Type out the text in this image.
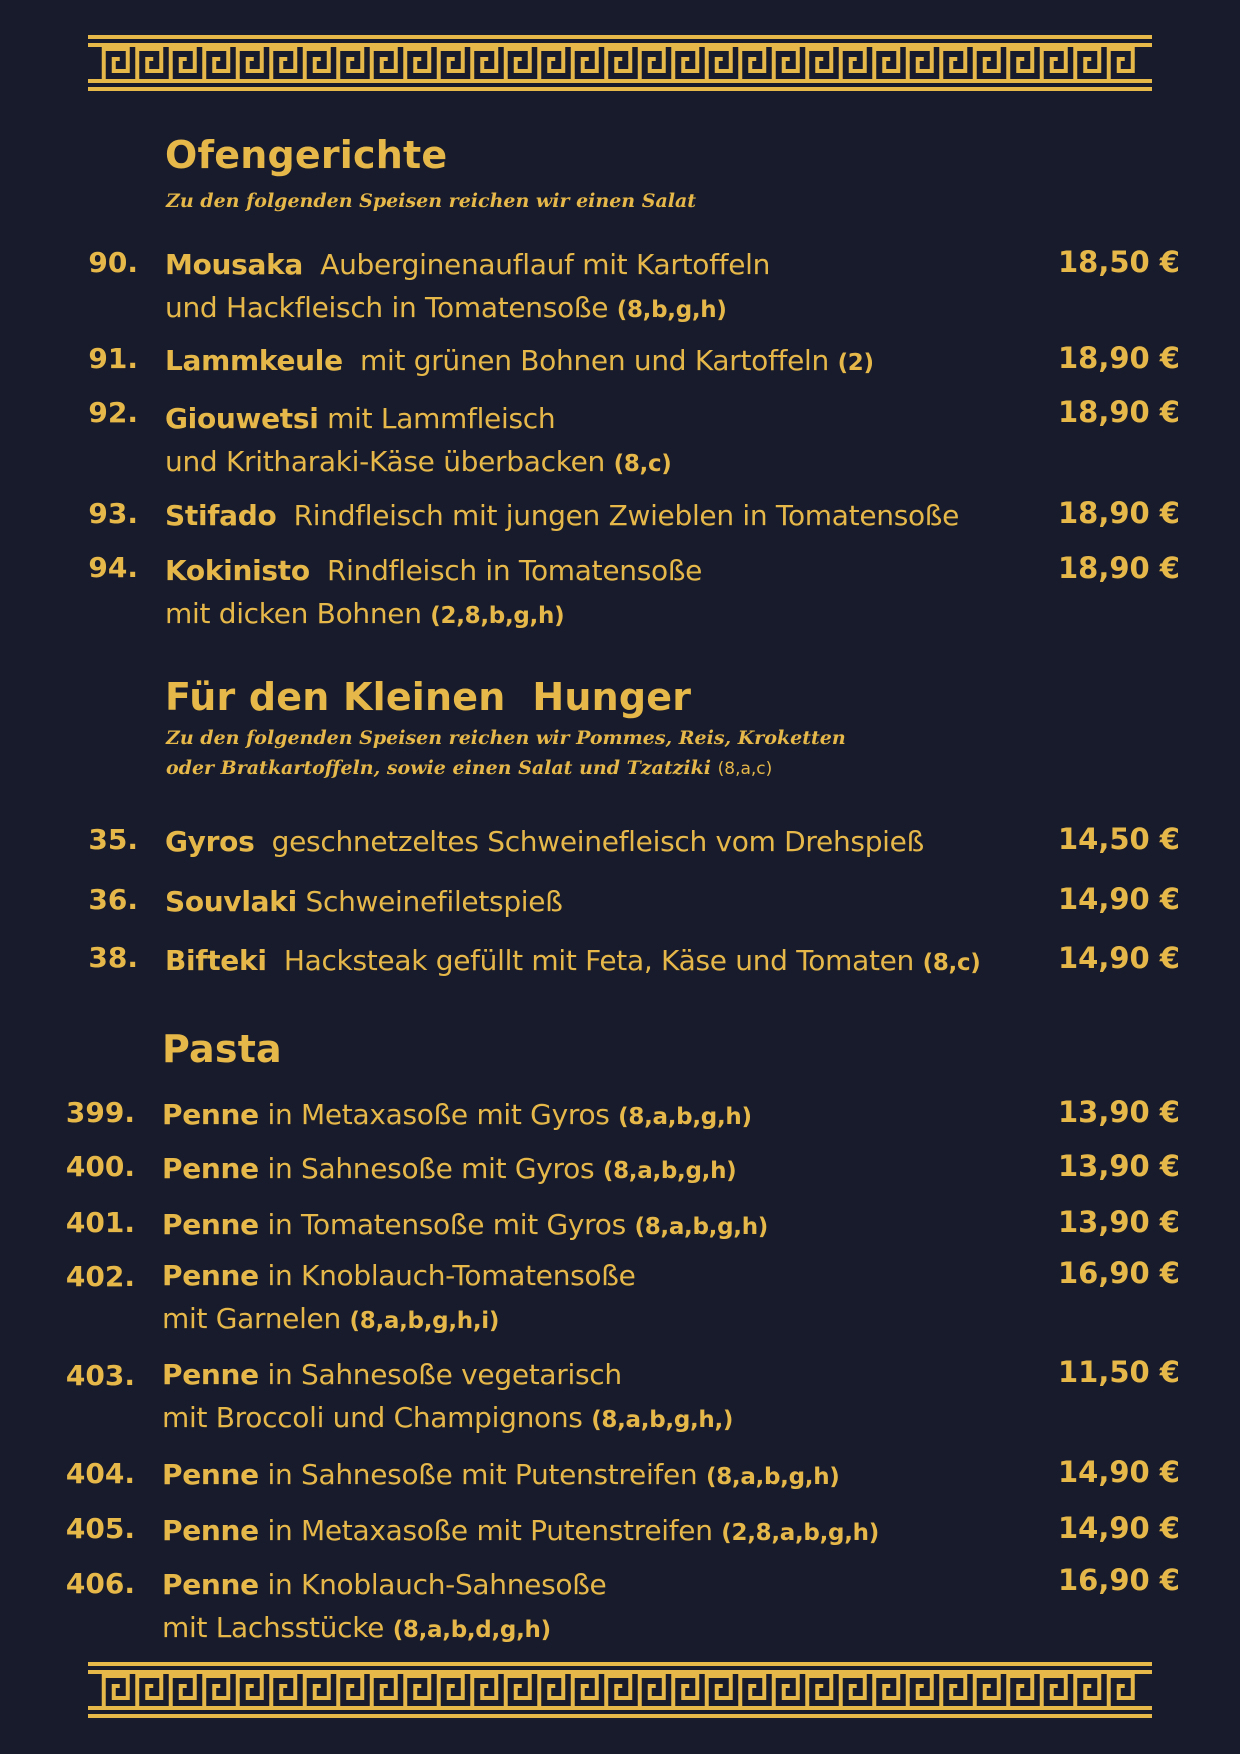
Ofengerichte
Zu den folgenden Speisen reichen wir einen Salat
90. Mousaka Auberginenauflauf mit Kartoffeln
und Hackfleisch in Tomatensoße (8,b,g,h)
18,50 €
91. Lammkeule mit grünen Bohnen und Kartoffeln (2)	18,90 €
92. Giouwetsi mit Lammfleisch
und Kritharaki-Käse überbacken (8,c)
18,90 €
93. Stifado Rindfleisch mit jungen Zwieblen in Tomatensoße	18,90 €
94. Kokinisto Rindfleisch in Tomatensoße
mit dicken Bohnen (2,8,b,g,h)
18,90 €
Für den Kleinen  Hunger
Zu den folgenden Speisen reichen wir Pommes, Reis, Kroketten
oder Bratkartoffeln, sowie einen Salat und Tzatziki (8,a,c)
35. Gyros geschnetzeltes Schweinefleisch vom Drehspieß	14,50 €
36. Souvlaki Schweinefiletspieß	14,90 €
38. Bifteki Hacksteak gefüllt mit Feta, Käse und Tomaten (8,c)	14,90 €
Pasta
399. Penne in Metaxasoße mit Gyros (8,a,b,g,h)	13,90 €
400. Penne in Sahnesoße mit Gyros (8,a,b,g,h)	13,90 €
401. Penne in Tomatensoße mit Gyros (8,a,b,g,h)	13,90 €
402. Penne in Knoblauch-Tomatensoße
mit Garnelen (8,a,b,g,h,i)
16,90 €
403. Penne in Sahnesoße vegetarisch
mit Broccoli und Champignons (8,a,b,g,h,)
11,50 €
404. Penne in Sahnesoße mit Putenstreifen (8,a,b,g,h)	14,90 €
405. Penne in Metaxasoße mit Putenstreifen (2,8,a,b,g,h)	14,90 €
406. Penne in Knoblauch-Sahnesoße
mit Lachsstücke (8,a,b,d,g,h)
16,90 €
